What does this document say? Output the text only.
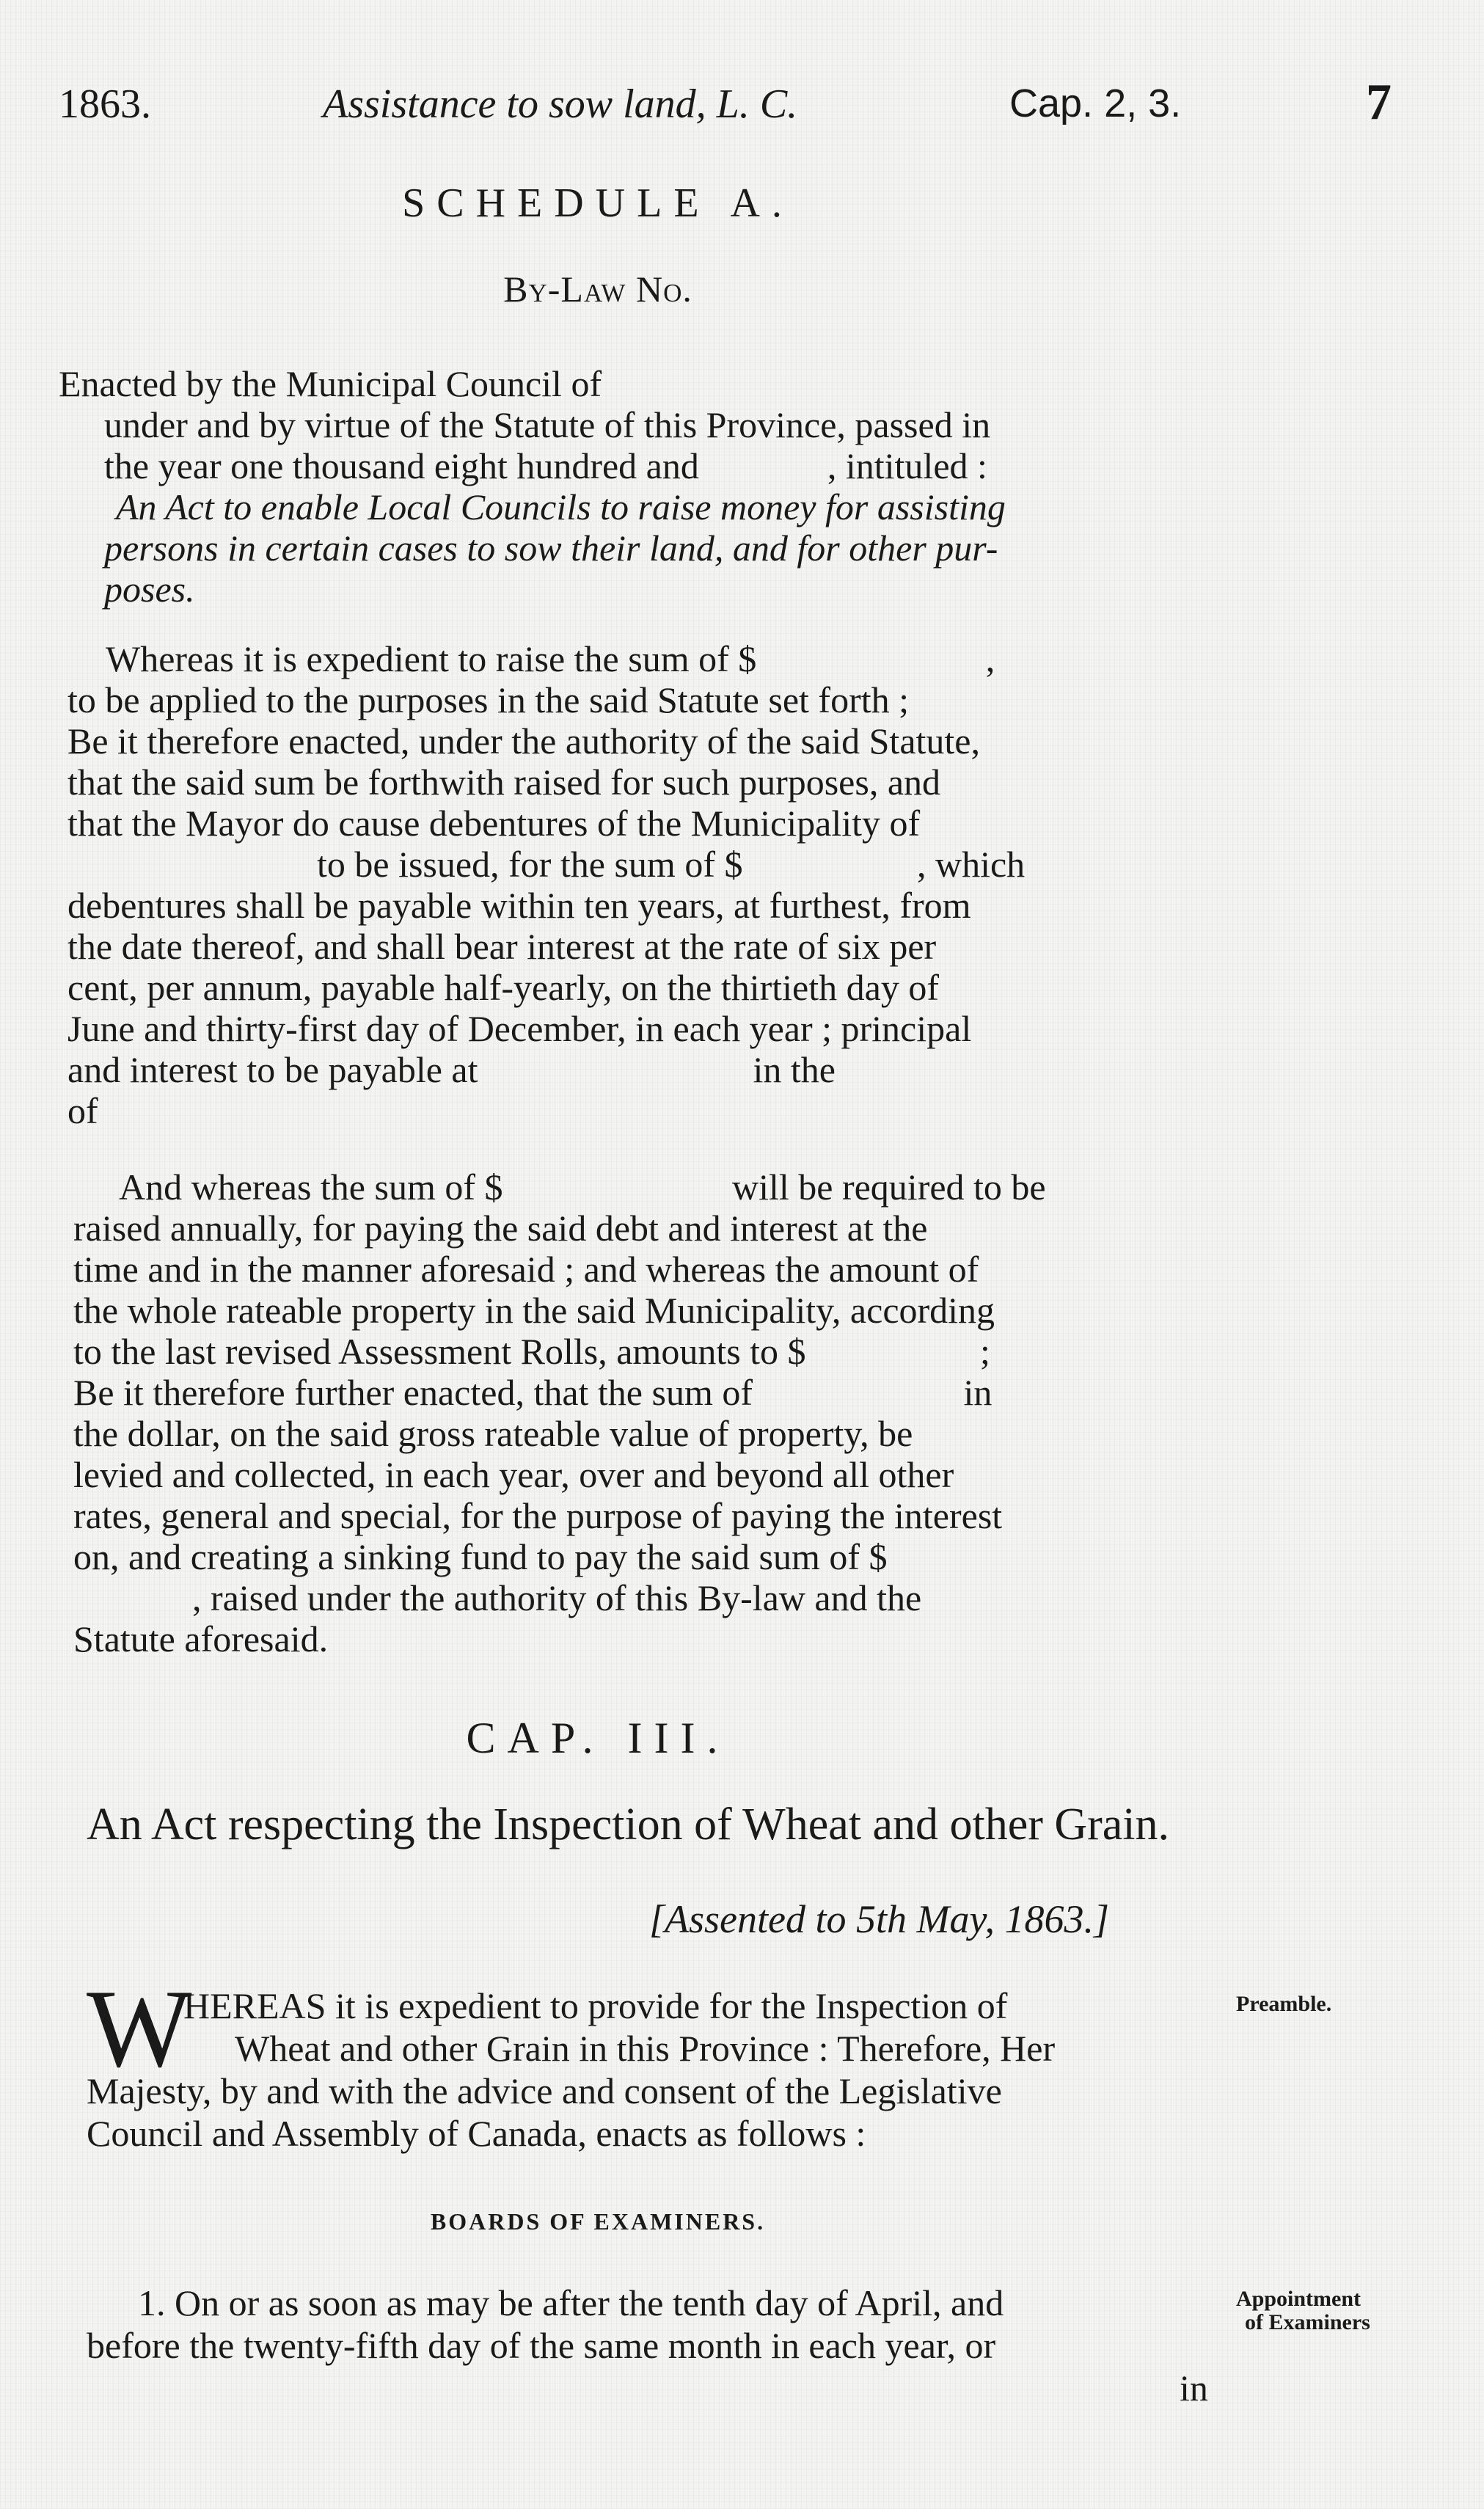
1863.	Assistance to sow land, L. C.	Cap. 2, 3.	7
SCHEDULE A.
By-Law No.
Enacted by the Municipal Council of
under and by virtue of the Statute of this Province, passed in
the year one thousand eight hundred and              , intituled :
An Act to enable Local Councils to raise money for assisting
persons in certain cases to sow their land, and for other pur-
poses.
Whereas it is expedient to raise the sum of $                         ,
to be applied to the purposes in the said Statute set forth ;
Be it therefore enacted, under the authority of the said Statute,
that the said sum be forthwith raised for such purposes, and
that the Mayor do cause debentures of the Municipality of
to be issued, for the sum of $                   , which
debentures shall be payable within ten years, at furthest, from
the date thereof, and shall bear interest at the rate of six per
cent, per annum, payable half-yearly, on the thirtieth day of
June and thirty-first day of December, in each year ; principal
and interest to be payable at                              in the
of
And whereas the sum of $                         will be required to be
raised annually, for paying the said debt and interest at the
time and in the manner aforesaid ; and whereas the amount of
the whole rateable property in the said Municipality, according
to the last revised Assessment Rolls, amounts to $                   ;
Be it therefore further enacted, that the sum of                       in
the dollar, on the said gross rateable value of property, be
levied and collected, in each year, over and beyond all other
rates, general and special, for the purpose of paying the interest
on, and creating a sinking fund to pay the said sum of $
, raised under the authority of this By-law and the
Statute aforesaid.
CAP. III.
An Act respecting the Inspection of Wheat and other Grain.
[Assented to 5th May, 1863.]
W
HEREAS it is expedient to provide for the Inspection of
Wheat and other Grain in this Province : Therefore, Her
Majesty, by and with the advice and consent of the Legislative
Council and Assembly of Canada, enacts as follows :
Preamble.
BOARDS OF EXAMINERS.
1. On or as soon as may be after the tenth day of April, and
before the twenty-fifth day of the same month in each year, or
in
Appointment
of Examiners
